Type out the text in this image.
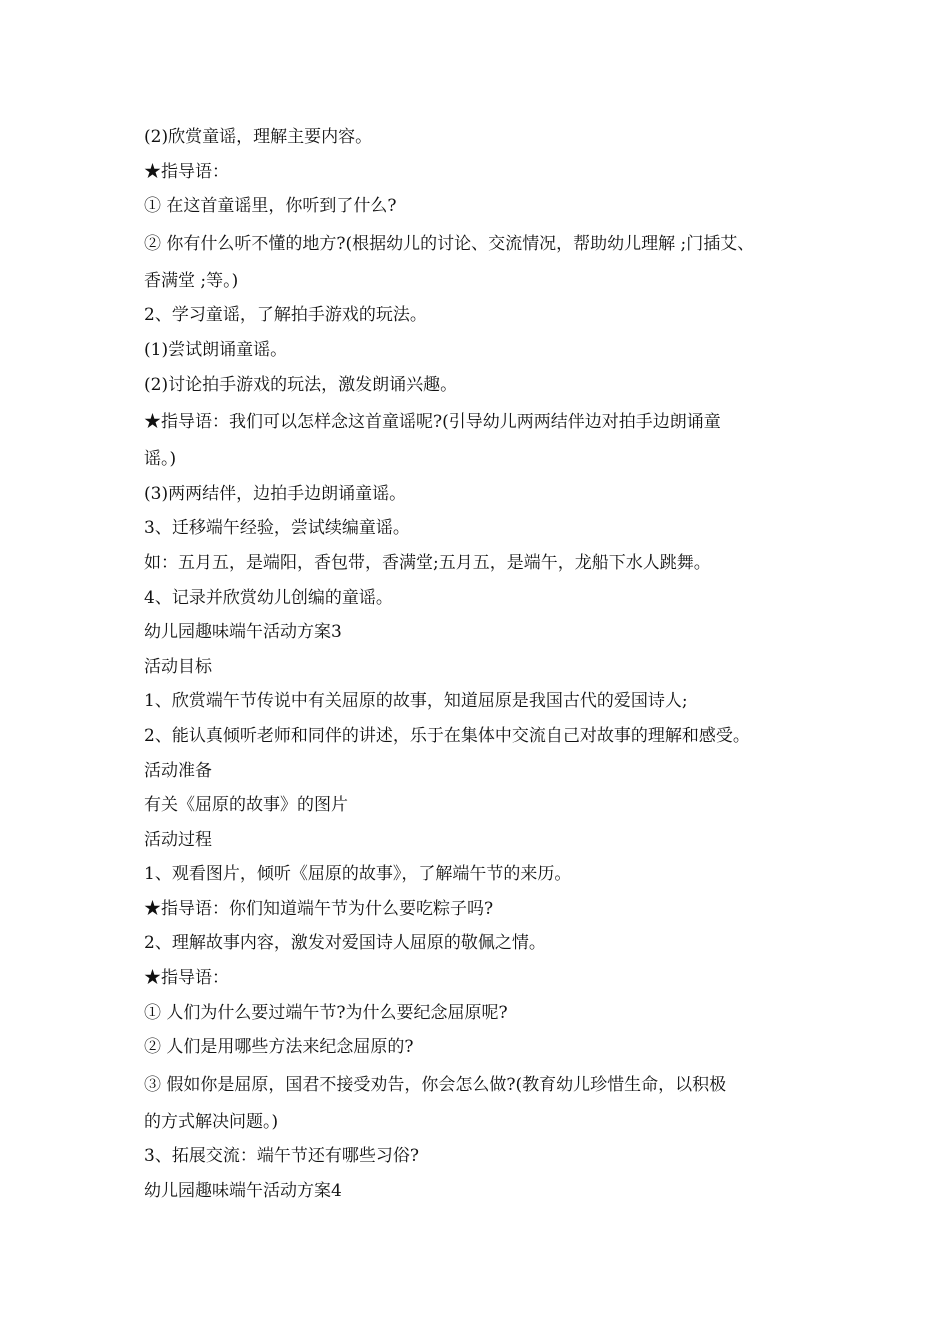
(2)欣赏童谣，理解主要内容。

★指导语：

① 在这首童谣里，你听到了什么?

② 你有什么听不懂的地方?(根据幼儿的讨论、交流情况，帮助幼儿理解 ;门插艾、

香满堂 ;等。)

2、学习童谣，了解拍手游戏的玩法。

(1)尝试朗诵童谣。

(2)讨论拍手游戏的玩法，激发朗诵兴趣。

★指导语：我们可以怎样念这首童谣呢?(引导幼儿两两结伴边对拍手边朗诵童

谣。)

(3)两两结伴，边拍手边朗诵童谣。

3、迁移端午经验，尝试续编童谣。

如：五月五，是端阳，香包带，香满堂;五月五，是端午，龙船下水人跳舞。

4、记录并欣赏幼儿创编的童谣。

幼儿园趣味端午活动方案3

活动目标

1、欣赏端午节传说中有关屈原的故事，知道屈原是我国古代的爱国诗人;

2、能认真倾听老师和同伴的讲述，乐于在集体中交流自己对故事的理解和感受。

活动准备

有关《屈原的故事》的图片

活动过程

1、观看图片，倾听《屈原的故事》，了解端午节的来历。

★指导语：你们知道端午节为什么要吃粽子吗?

2、理解故事内容，激发对爱国诗人屈原的敬佩之情。

★指导语：

① 人们为什么要过端午节?为什么要纪念屈原呢?

② 人们是用哪些方法来纪念屈原的?

③ 假如你是屈原，国君不接受劝告，你会怎么做?(教育幼儿珍惜生命，以积极

的方式解决问题。)

3、拓展交流：端午节还有哪些习俗?

幼儿园趣味端午活动方案4
